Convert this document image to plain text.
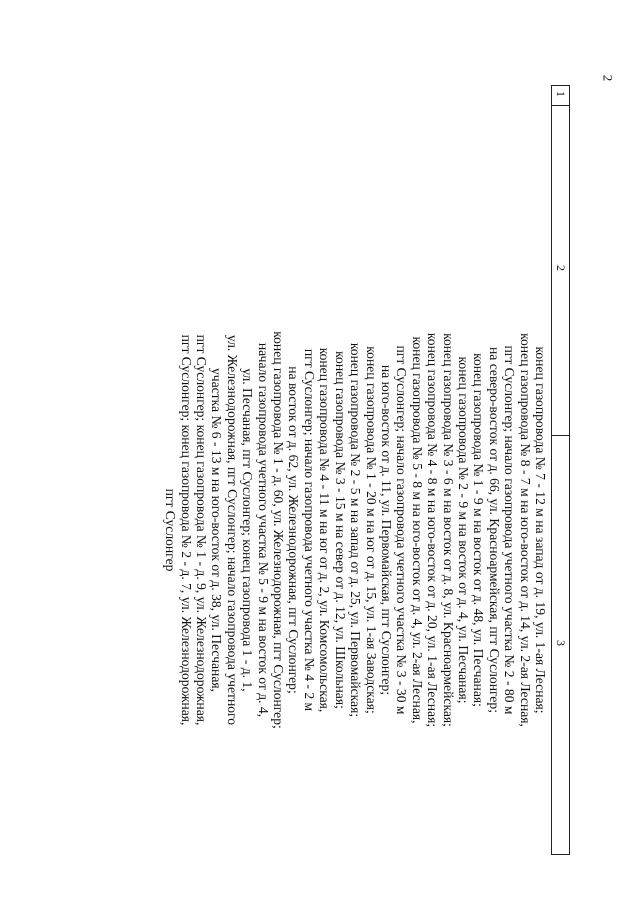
2
1
2
3
конец газопровода № 7 - 12 м на запад от д. 19, ул. 1-ая Лесная;
конец газопровода № 8 - 7 м на юго-восток от д. 14, ул. 2-ая Лесная,
пгт Суслонгер; начало газопровода учетного участка № 2 - 80 м
на северо-восток от д. 66, ул. Красноармейская, пгт Суслонгер;
конец газопровода № 1 - 9 м на восток от д. 48, ул. Песчаная;
конец газопровода № 2 - 9 м на восток от д. 4, ул. Песчаная;
конец газопровода № 3 - 6 м на восток от д. 8, ул. Красноармейская;
конец газопровода № 4 - 8 м на юго-восток от д. 20, ул. 1-ая Лесная;
конец газопровода № 5 - 8 м на юго-восток от д. 4, ул. 2-ая Лесная,
пгт Суслонгер; начало газопровода учетного участка № 3 - 30 м
на юго-восток от д. 11, ул. Первомайская, пгт Суслонгер;
конец газопровода № 1 - 20 м на юг от д. 15, ул. 1-ая Заводская;
конец газопровода № 2 - 5 м на запад от д. 25, ул. Первомайская;
конец газопровода № 3 - 15 м на север от д. 12, ул. Школьная;
конец газопровода № 4 - 11 м на юг от д. 2, ул. Комсомольская,
пгт Суслонгер; начало газопровода учетного участка № 4 - 2 м
на восток от д. 62, ул. Железнодорожная, пгт Суслонгер;
конец газопровода № 1 - д. 60, ул. Железнодорожная, пгт Суслонгер;
начало газопровода учетного участка № 5 - 9 м на восток от д. 4,
ул. Песчаная, пгт Суслонгер; конец газопровода 1 - д. 1,
ул. Железнодорожная, пгт Суслонгер; начало газопровода учетного
участка № 6 - 13 м на юго-восток от д. 38, ул. Песчаная,
пгт Суслонгер; конец газопровода № 1 - д. 9, ул. Железнодорожная,
пгт Суслонгер; конец газопровода № 2 - д. 7, ул. Железнодорожная,
пгт Суслонгер
